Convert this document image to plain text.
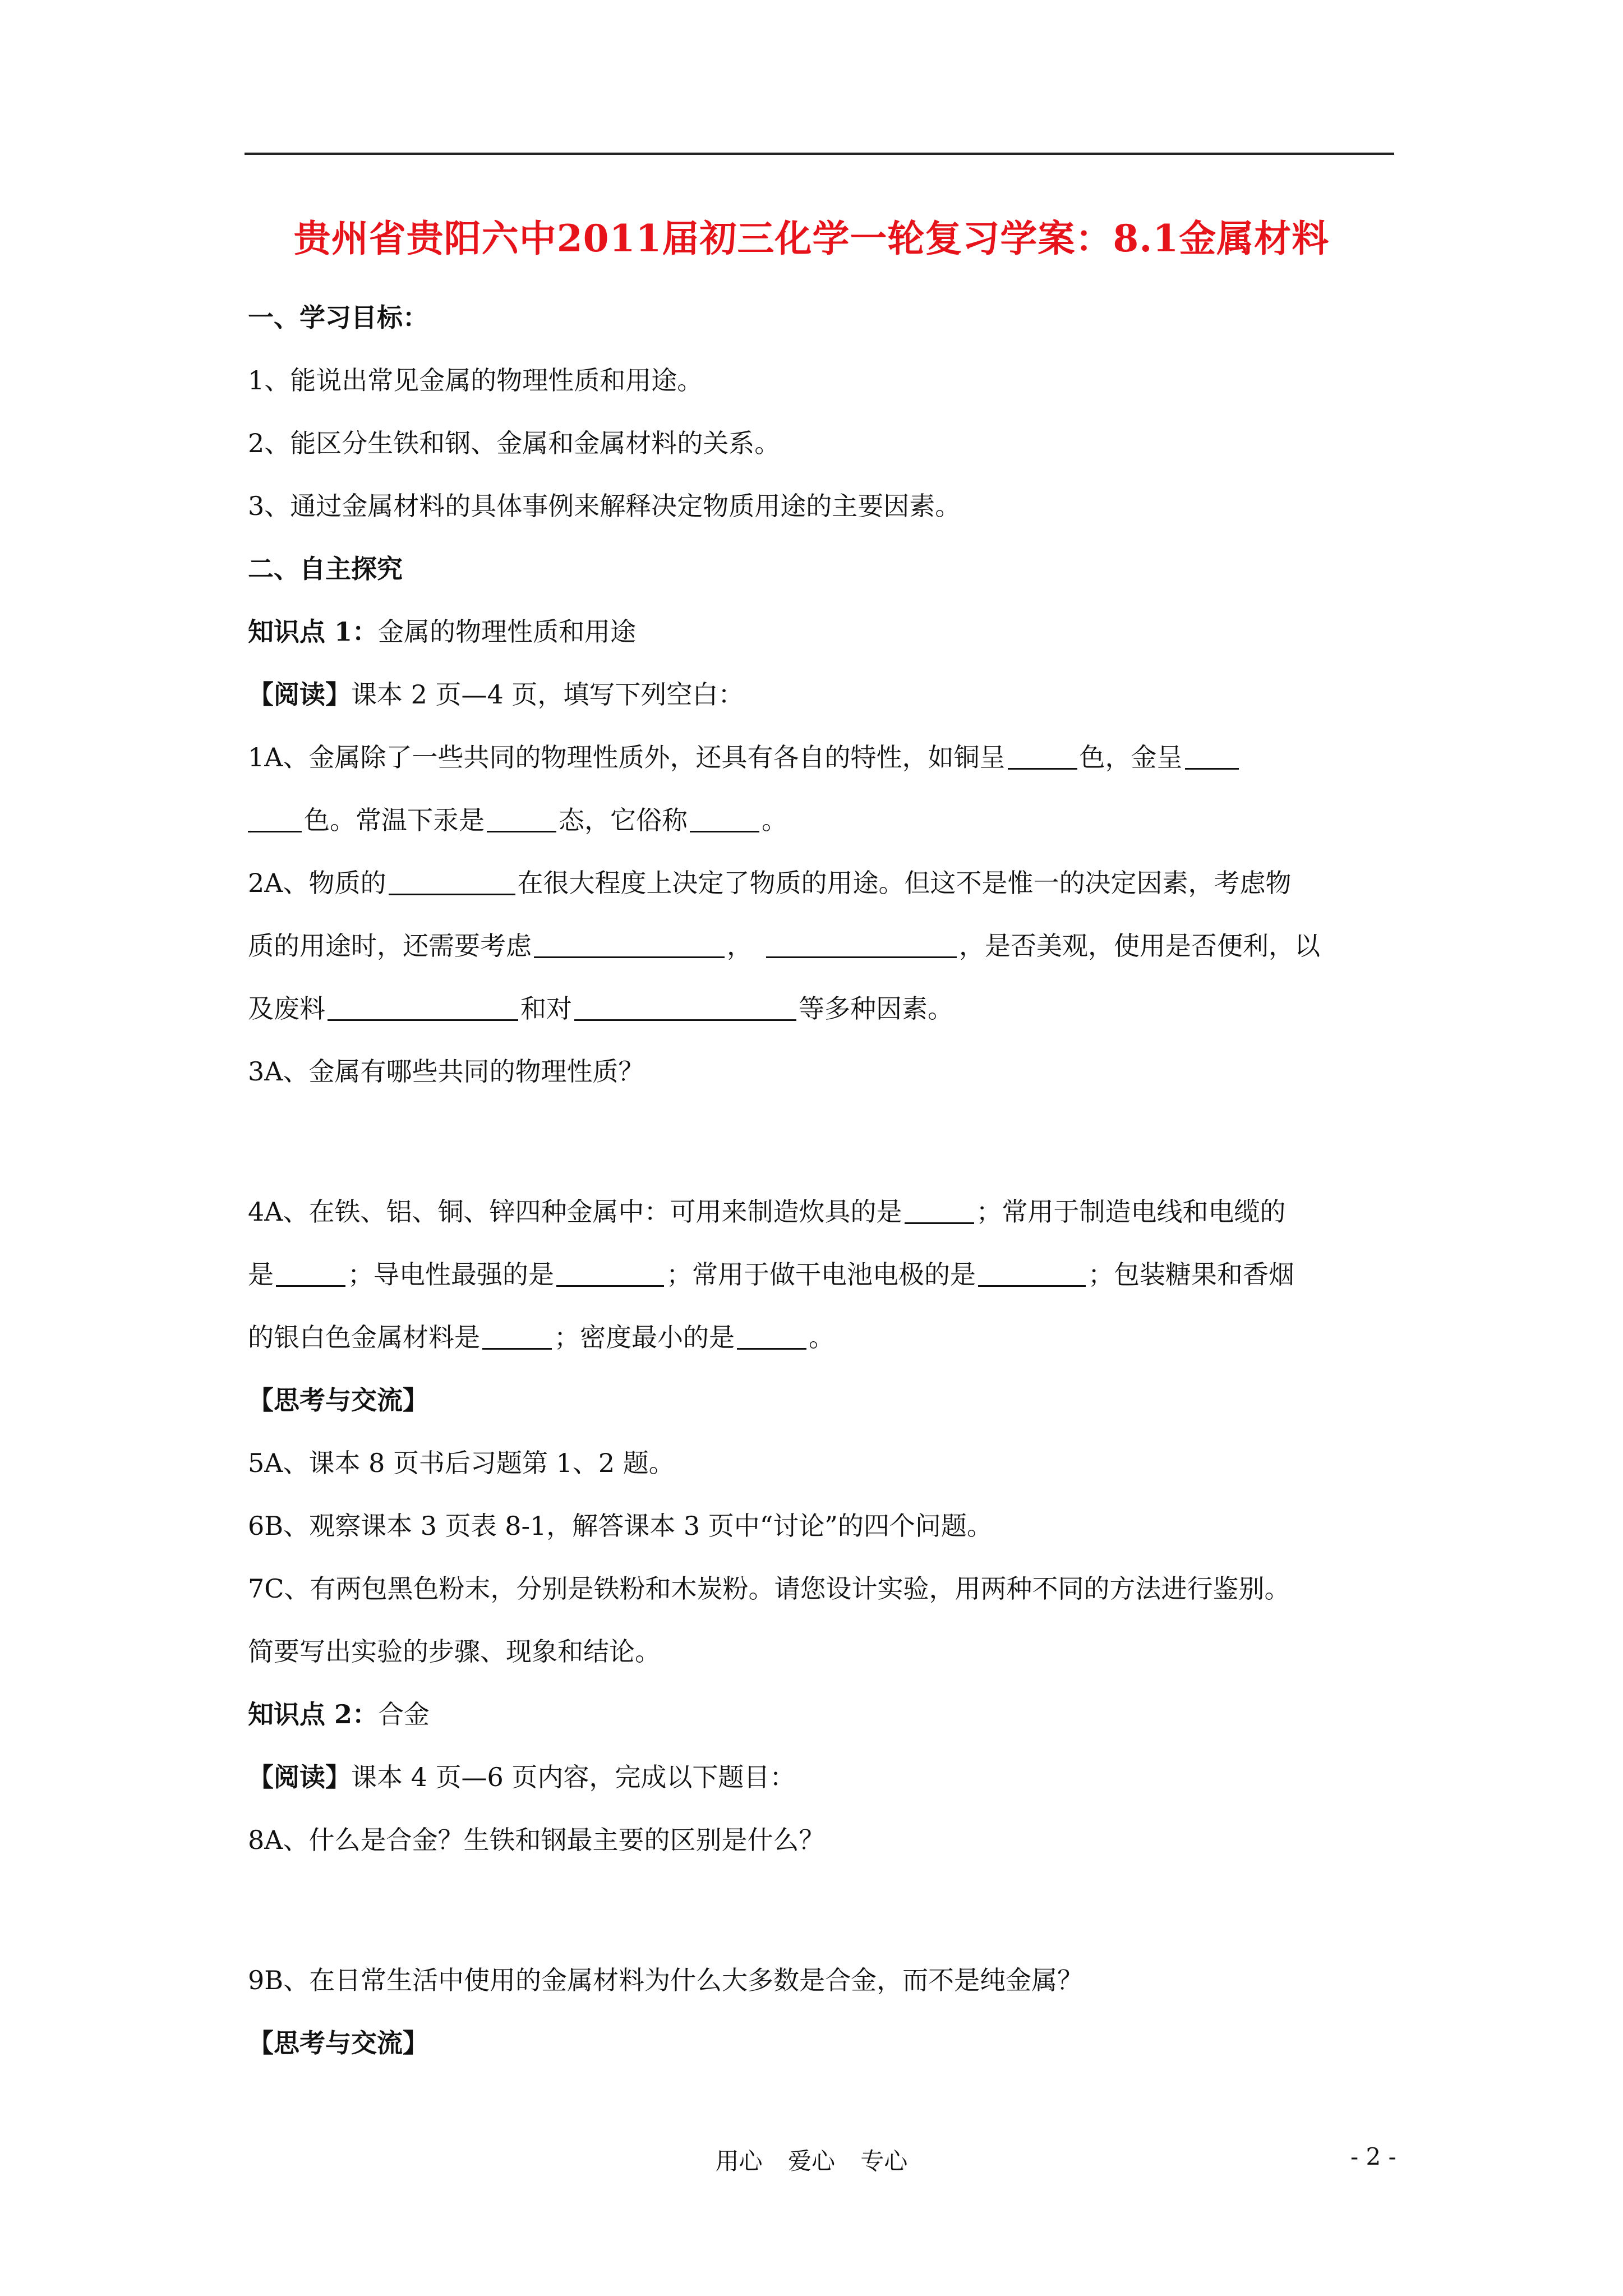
贵州省贵阳六中2011届初三化学一轮复习学案：8.1金属材料
一、学习目标：
1、能说出常见金属的物理性质和用途。
2、能区分生铁和钢、金属和金属材料的关系。
3、通过金属材料的具体事例来解释决定物质用途的主要因素。
二、自主探究
知识点 1：金属的物理性质和用途
【阅读】课本 2 页—4 页，填写下列空白：
1A、金属除了一些共同的物理性质外，还具有各自的特性，如铜呈	色，金呈
色。常温下汞是	态，它俗称	。
2A、物质的	在很大程度上决定了物质的用途。但这不是惟一的决定因素，考虑物
质的用途时，还需要考虑	，	，是否美观，使用是否便利，以
及废料	和对	等多种因素。
3A、金属有哪些共同的物理性质？
4A、在铁、铝、铜、锌四种金属中：可用来制造炊具的是	；常用于制造电线和电缆的
是	；导电性最强的是	；常用于做干电池电极的是	；包装糖果和香烟
的银白色金属材料是	；密度最小的是	。
【思考与交流】
5A、课本 8 页书后习题第 1、2 题。
6B、观察课本 3 页表 8-1，解答课本 3 页中“讨论”的四个问题。
7C、有两包黑色粉末，分别是铁粉和木炭粉。请您设计实验，用两种不同的方法进行鉴别。
简要写出实验的步骤、现象和结论。
知识点 2：合金
【阅读】课本 4 页—6 页内容，完成以下题目：
8A、什么是合金？生铁和钢最主要的区别是什么？
9B、在日常生活中使用的金属材料为什么大多数是合金，而不是纯金属？
【思考与交流】
用心 爱心 专心	- 2 -
